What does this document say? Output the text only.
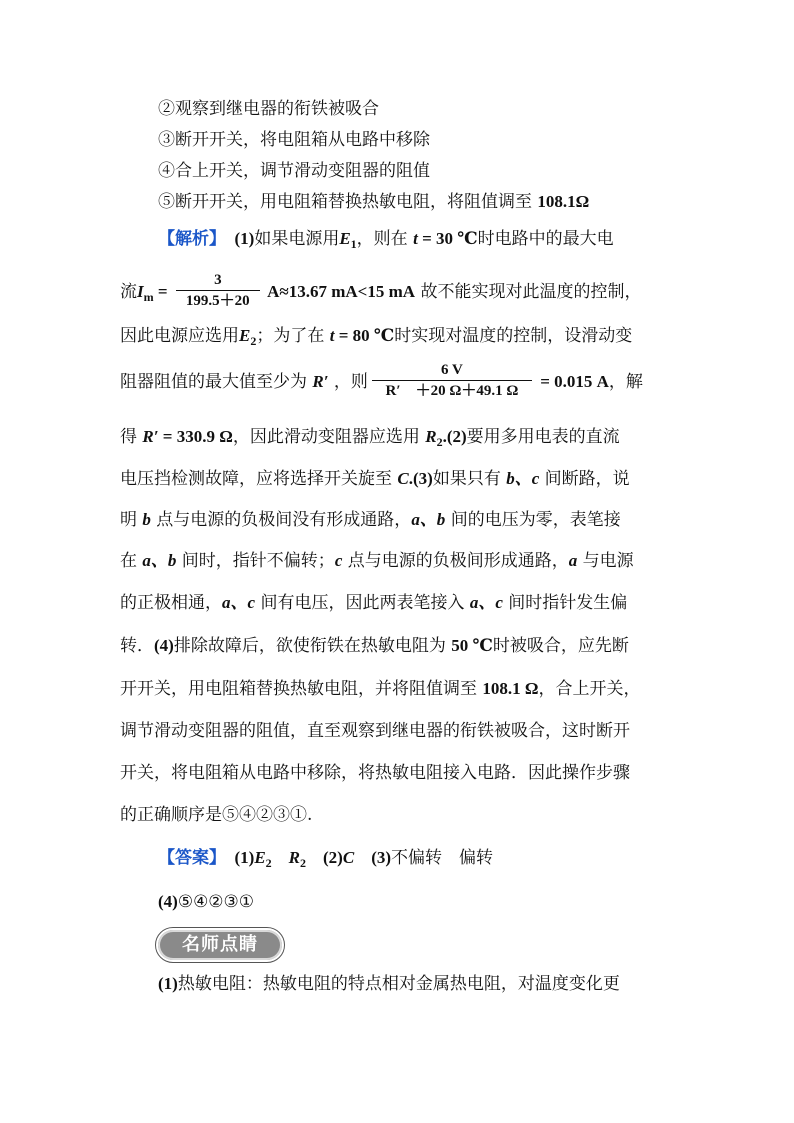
②观察到继电器的衔铁被吸合
③断开开关，将电阻箱从电路中移除
④合上开关，调节滑动变阻器的阻值
⑤断开开关，用电阻箱替换热敏电阻，将阻值调至 108.1Ω
【解析】　 (1)如果电源用$E_1$，则在 t = 30 ℃时电路中的最大电
流$I_m = \frac{3}{199.5+20} A\approx 13.67$ mA<15 mA 故不能实现对此温度的控制，
因此电源应选用$E_2$；为了在 t = 80 ℃时实现对温度的控制，设滑动变
阻器阻值的最大值至少为 R′ ，则 $\frac{6 V}{R' +20 \Omega+49.1 \Omega} = 0.015$ A，解
得 R′ = 330.9 Ω，因此滑动变阻器应选用 $R_2.(2)$要用多用电表的直流
电压挡检测故障，应将选择开关旋至 C.(3)如果只有 b、c 间断路，说
明 b 点与电源的负极间没有形成通路，a、b 间的电压为零，表笔接
在 a、b 间时，指针不偏转；c 点与电源的负极间形成通路，a 与电源
的正极相通，a、c 间有电压，因此两表笔接入 a、c 间时指针发生偏
转．(4)排除故障后，欲使衔铁在热敏电阻为 50 ℃时被吸合，应先断
开开关，用电阻箱替换热敏电阻，并将阻值调至 108.1 Ω，合上开关，
调节滑动变阻器的阻值，直至观察到继电器的衔铁被吸合，这时断开
开关，将电阻箱从电路中移除，将热敏电阻接入电路．因此操作步骤
的正确顺序是⑤④②③①.
【答案】　 $(1)E_2$　 $R_2$　 (2)C　 (3)不偏转　偏转
(4)⑤④②③①
名师点睛
(1)热敏电阻：热敏电阻的特点相对金属热电阻，对温度变化更
